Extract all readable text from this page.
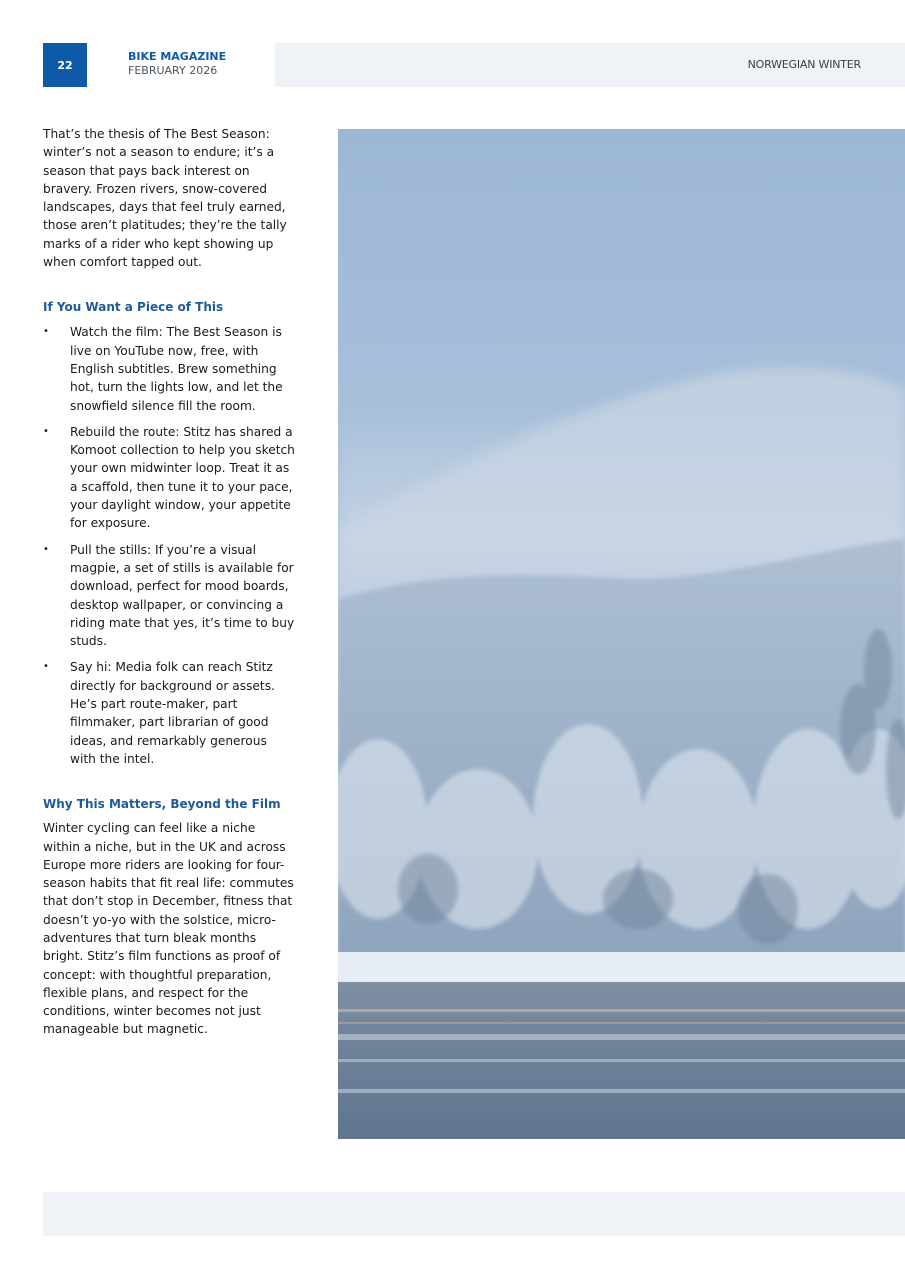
22
BIKE MAGAZINE
FEBRUARY 2026	NORWEGIAN WINTER

That’s the thesis of The Best Season: winter’s not a season to endure; it’s a season that pays back interest on bravery. Frozen rivers, snow-covered landscapes, days that feel truly earned, those aren’t platitudes; they’re the tally marks of a rider who kept showing up when comfort tapped out.

If You Want a Piece of This
• Watch the film: The Best Season is live on YouTube now, free, with English subtitles. Brew something hot, turn the lights low, and let the snowfield silence fill the room.
• Rebuild the route: Stitz has shared a Komoot collection to help you sketch your own midwinter loop. Treat it as a scaffold, then tune it to your pace, your daylight window, your appetite for exposure.
• Pull the stills: If you’re a visual magpie, a set of stills is available for download, perfect for mood boards, desktop wallpaper, or convincing a riding mate that yes, it’s time to buy studs.
• Say hi: Media folk can reach Stitz directly for background or assets. He’s part route-maker, part filmmaker, part librarian of good ideas, and remarkably generous with the intel.
Why This Matters, Beyond the Film

Winter cycling can feel like a niche within a niche, but in the UK and across Europe more riders are looking for four-season habits that fit real life: commutes that don’t stop in December, fitness that doesn’t yo-yo with the solstice, micro-adventures that turn bleak months bright. Stitz’s film functions as proof of concept: with thoughtful preparation, flexible plans, and respect for the conditions, winter becomes not just manageable but magnetic.
